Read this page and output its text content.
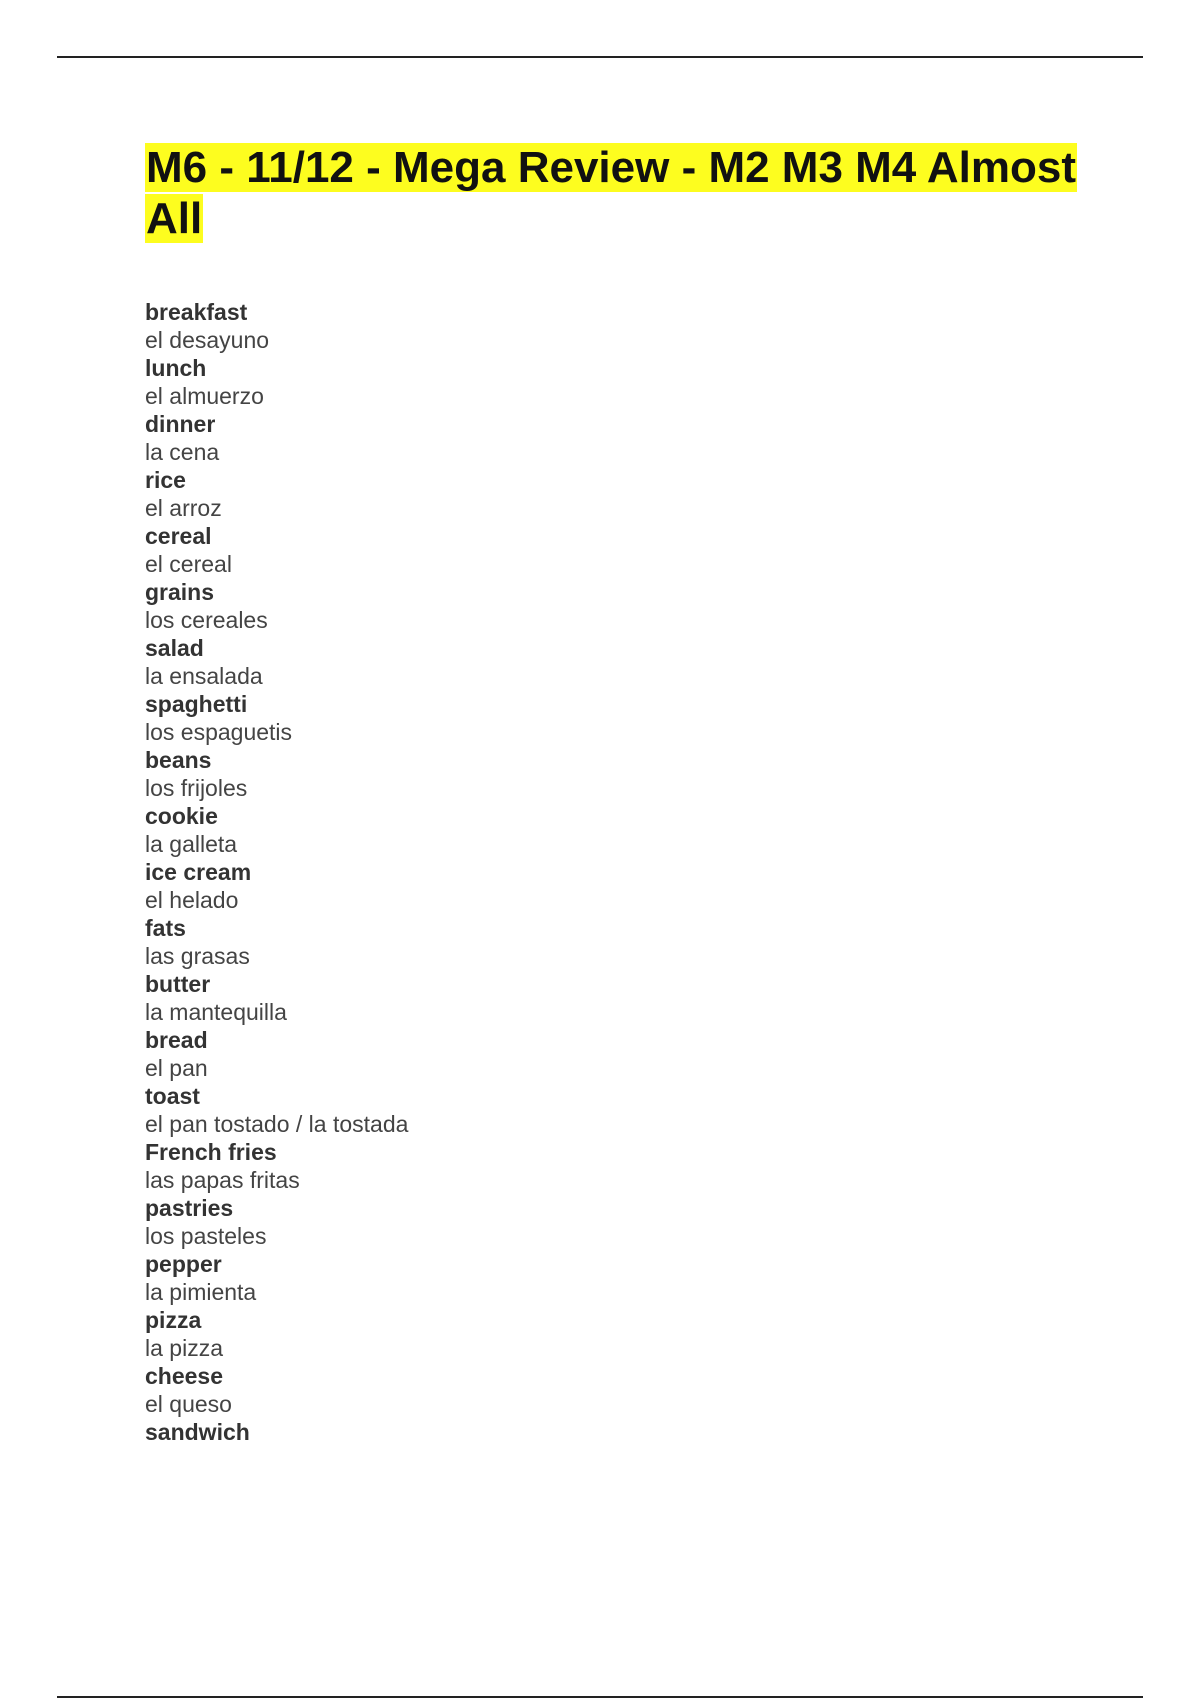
M6 - 11/12 - Mega Review - M2 M3 M4 Almost All
breakfast
el desayuno
lunch
el almuerzo
dinner
la cena
rice
el arroz
cereal
el cereal
grains
los cereales
salad
la ensalada
spaghetti
los espaguetis
beans
los frijoles
cookie
la galleta
ice cream
el helado
fats
las grasas
butter
la mantequilla
bread
el pan
toast
el pan tostado / la tostada
French fries
las papas fritas
pastries
los pasteles
pepper
la pimienta
pizza
la pizza
cheese
el queso
sandwich
